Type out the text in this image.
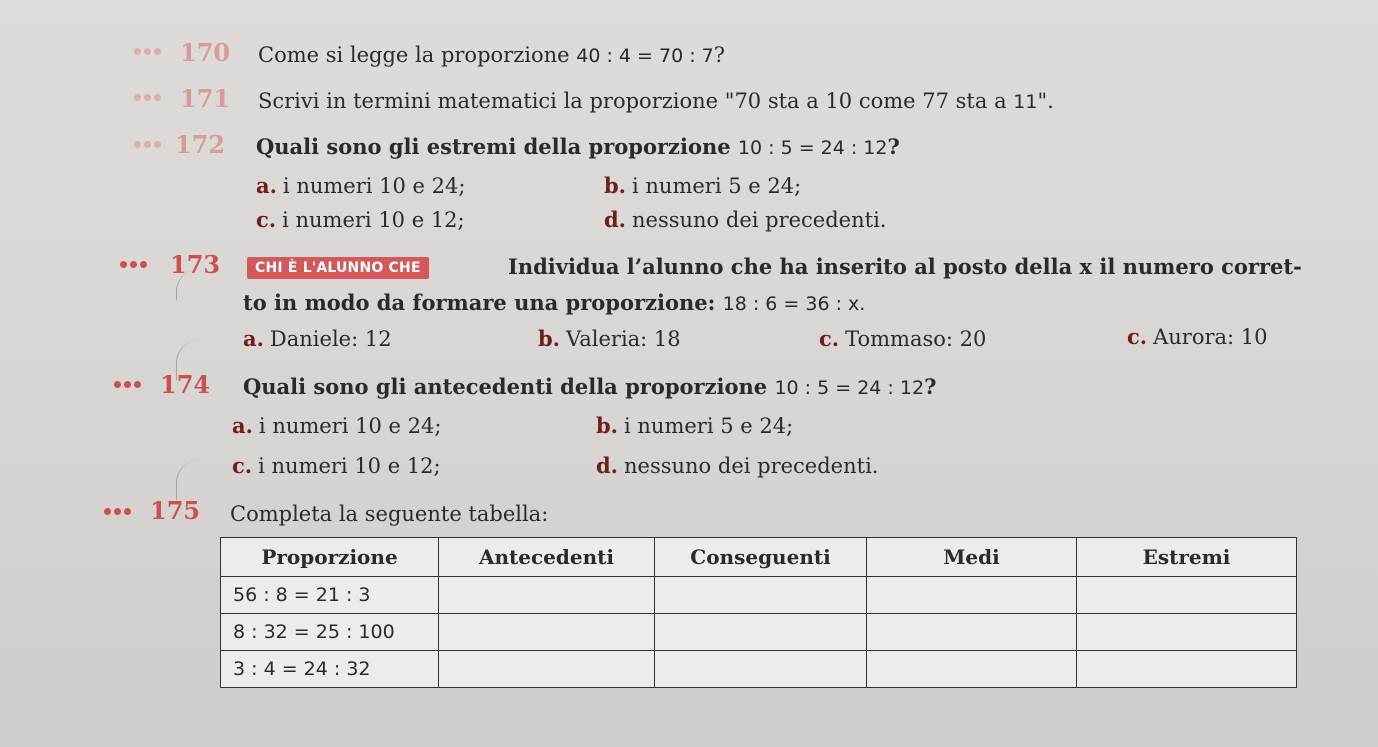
170 Come si legge la proporzione 40 : 4 = 70 : 7?
171 Scrivi in termini matematici la proporzione "70 sta a 10 come 77 sta a 11".
172 Quali sono gli estremi della proporzione 10 : 5 = 24 : 12?
a. i numeri 10 e 24;	b. i numeri 5 e 24;
c. i numeri 10 e 12;	d. nessuno dei precedenti.
173	CHI È L'ALUNNO CHE	Individua l’alunno che ha inserito al posto della x il numero corret-
to in modo da formare una proporzione: 18 : 6 = 36 : x.
a. Daniele: 12	b. Valeria: 18	c. Tommaso: 20	c. Aurora: 10
174 Quali sono gli antecedenti della proporzione 10 : 5 = 24 : 12?
a. i numeri 10 e 24;	b. i numeri 5 e 24;
c. i numeri 10 e 12;	d. nessuno dei precedenti.
175 Completa la seguente tabella:
Proporzione	Antecedenti	Conseguenti	Medi	Estremi
56 : 8 = 21 : 3				
8 : 32 = 25 : 100				
3 : 4 = 24 : 32				
